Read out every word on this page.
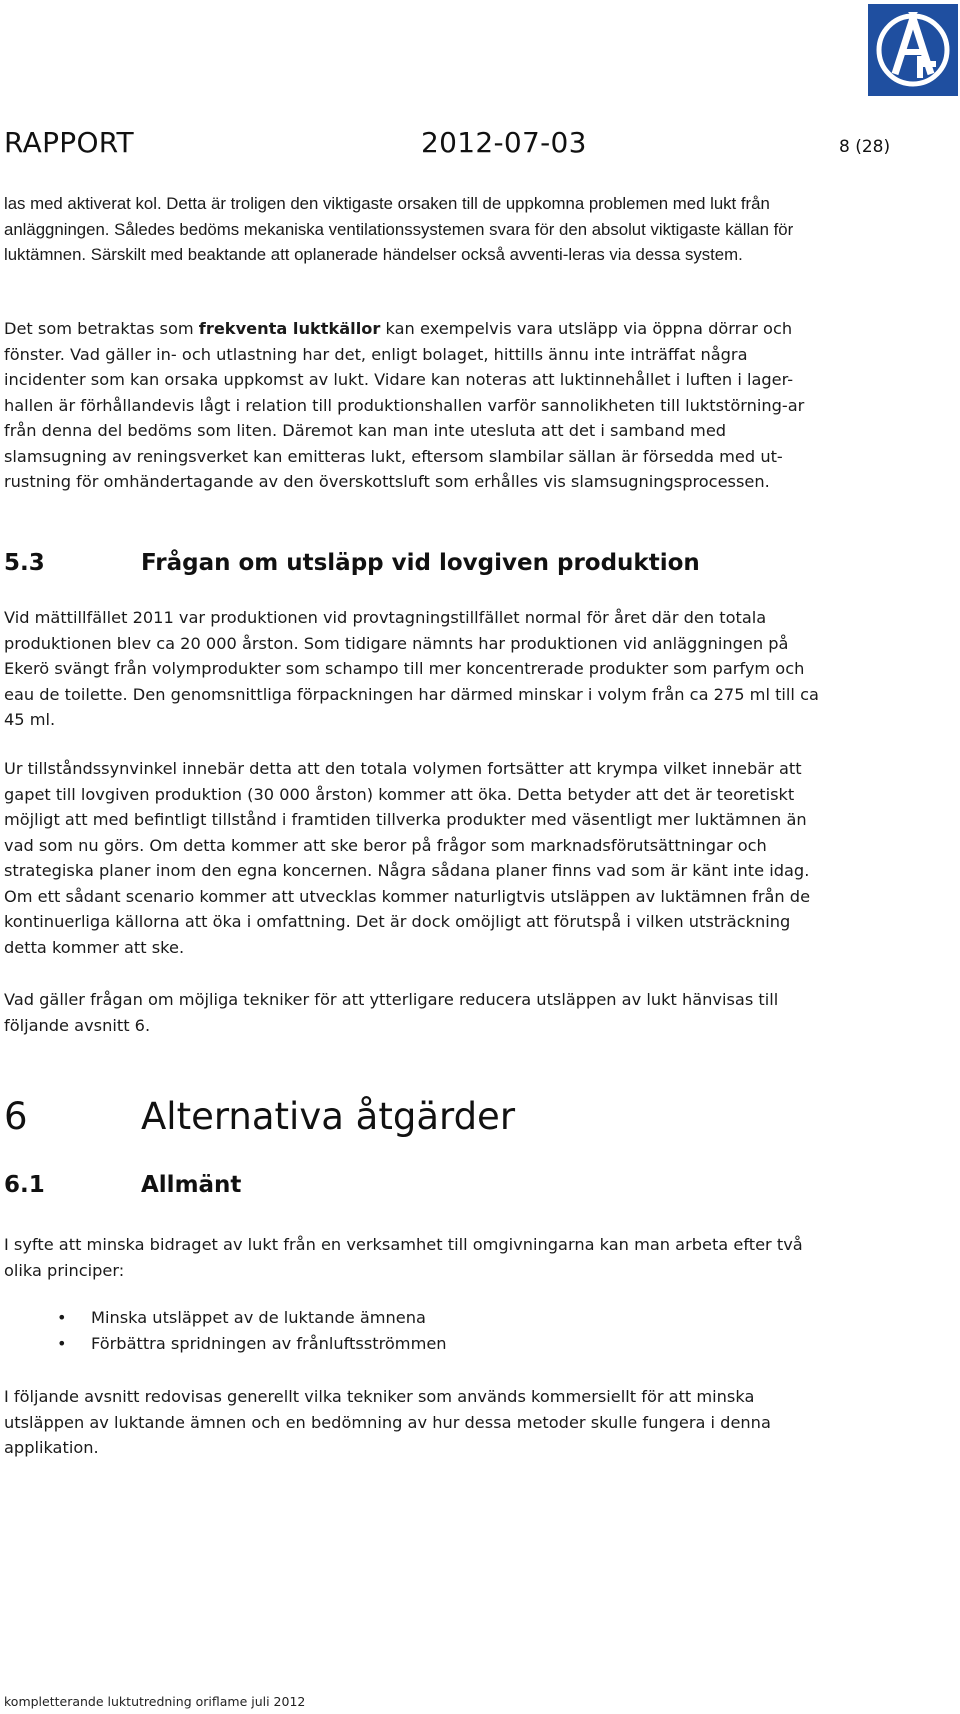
RAPPORT	2012-07-03	8 (28)

las med aktiverat kol. Detta är troligen den viktigaste orsaken till de uppkomna problemen med lukt från anläggningen. Således bedöms mekaniska ventilationssystemen svara för den absolut viktigaste källan för luktämnen. Särskilt med beaktande att oplanerade händelser också avventi-leras via dessa system.

Det som betraktas som frekventa luktkällor kan exempelvis vara utsläpp via öppna dörrar och fönster. Vad gäller in- och utlastning har det, enligt bolaget, hittills ännu inte inträffat några incidenter som kan orsaka uppkomst av lukt. Vidare kan noteras att luktinnehållet i luften i lager-hallen är förhållandevis lågt i relation till produktionshallen varför sannolikheten till luktstörning-ar från denna del bedöms som liten. Däremot kan man inte utesluta att det i samband med slamsugning av reningsverket kan emitteras lukt, eftersom slambilar sällan är försedda med ut-rustning för omhändertagande av den överskottsluft som erhålles vis slamsugningsprocessen.

5.3	Frågan om utsläpp vid lovgiven produktion

Vid mättillfället 2011 var produktionen vid provtagningstillfället normal för året där den totala produktionen blev ca 20 000 årston. Som tidigare nämnts har produktionen vid anläggningen på Ekerö svängt från volymprodukter som schampo till mer koncentrerade produkter som parfym och eau de toilette. Den genomsnittliga förpackningen har därmed minskar i volym från ca 275 ml till ca 45 ml.

Ur tillståndssynvinkel innebär detta att den totala volymen fortsätter att krympa vilket innebär att gapet till lovgiven produktion (30 000 årston) kommer att öka. Detta betyder att det är teoretiskt möjligt att med befintligt tillstånd i framtiden tillverka produkter med väsentligt mer luktämnen än vad som nu görs. Om detta kommer att ske beror på frågor som marknadsförutsättningar och strategiska planer inom den egna koncernen. Några sådana planer finns vad som är känt inte idag. Om ett sådant scenario kommer att utvecklas kommer naturligtvis utsläppen av luktämnen från de kontinuerliga källorna att öka i omfattning. Det är dock omöjligt att förutspå i vilken utsträckning detta kommer att ske.

Vad gäller frågan om möjliga tekniker för att ytterligare reducera utsläppen av lukt hänvisas till följande avsnitt 6.

6	Alternativa åtgärder
6.1	Allmänt

I syfte att minska bidraget av lukt från en verksamhet till omgivningarna kan man arbeta efter två olika principer:

• Minska utsläppet av de luktande ämnena
• Förbättra spridningen av frånluftsströmmen

I följande avsnitt redovisas generellt vilka tekniker som används kommersiellt för att minska utsläppen av luktande ämnen och en bedömning av hur dessa metoder skulle fungera i denna applikation.

kompletterande luktutredning oriflame juli 2012
